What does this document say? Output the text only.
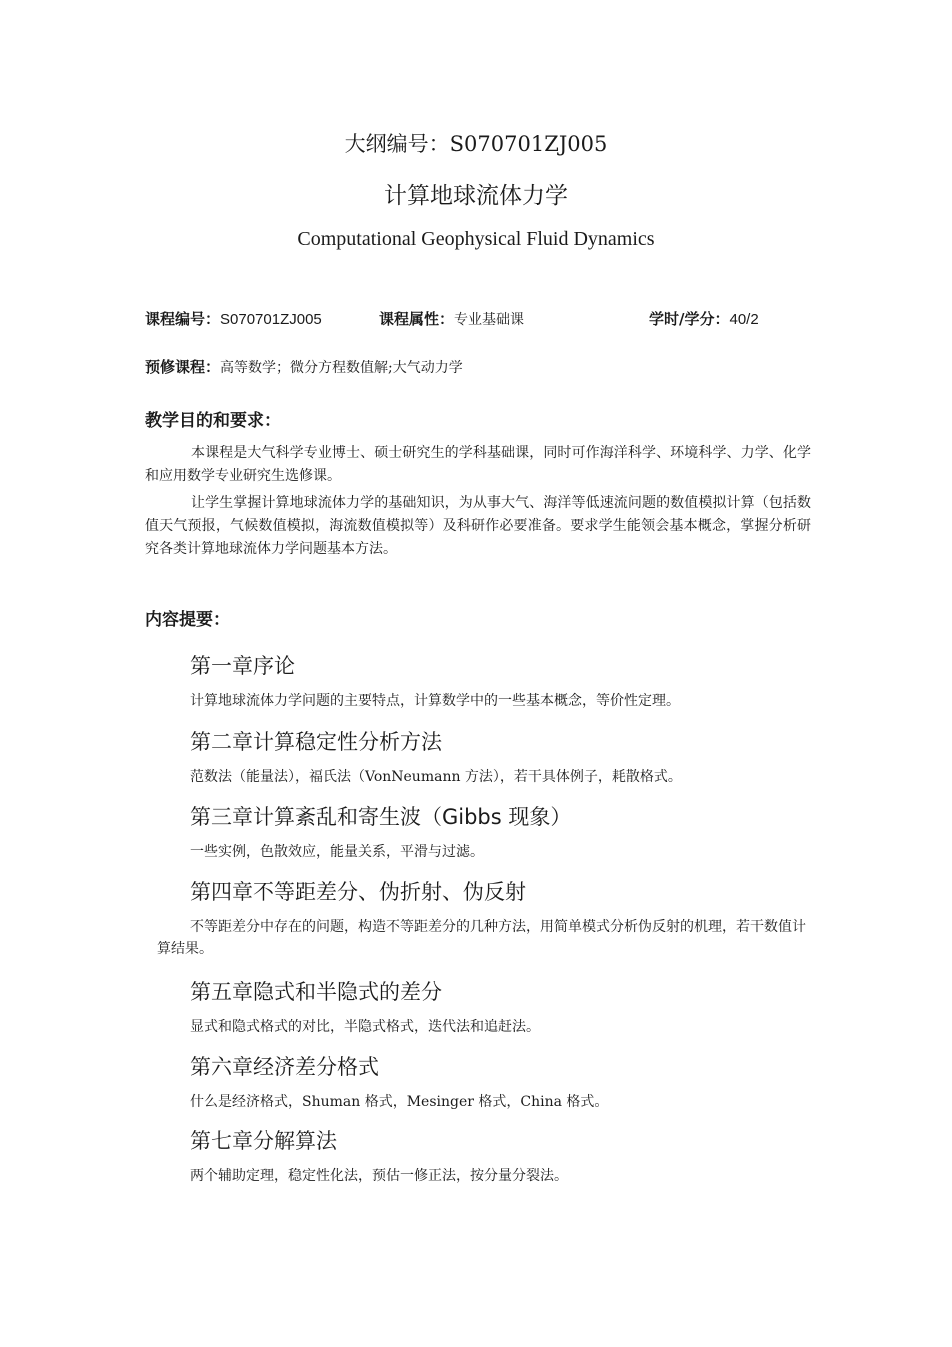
大纲编号：S070701ZJ005
计算地球流体力学
Computational Geophysical Fluid Dynamics
课程编号：S070701ZJ005	课程属性：专业基础课	学时/学分：40/2
预修课程：高等数学；微分方程数值解;大气动力学
教学目的和要求：

本课程是大气科学专业博士、硕士研究生的学科基础课，同时可作海洋科学、环境科学、力学、化学和应用数学专业研究生选修课。

让学生掌握计算地球流体力学的基础知识，为从事大气、海洋等低速流问题的数值模拟计算（包括数值天气预报，气候数值模拟，海流数值模拟等）及科研作必要准备。要求学生能领会基本概念，掌握分析研究各类计算地球流体力学问题基本方法。

内容提要：
第一章序论

计算地球流体力学问题的主要特点，计算数学中的一些基本概念，等价性定理。

第二章计算稳定性分析方法

范数法（能量法），福氏法（VonNeumann 方法），若干具体例子，耗散格式。

第三章计算紊乱和寄生波（Gibbs 现象）

一些实例，色散效应，能量关系，平滑与过滤。

第四章不等距差分、伪折射、伪反射

不等距差分中存在的问题，构造不等距差分的几种方法，用简单模式分析伪反射的机理，若干数值计算结果。

第五章隐式和半隐式的差分

显式和隐式格式的对比，半隐式格式，迭代法和追赶法。

第六章经济差分格式

什么是经济格式，Shuman 格式，Mesinger 格式，China 格式。

第七章分解算法

两个辅助定理，稳定性化法，预估一修正法，按分量分裂法。
